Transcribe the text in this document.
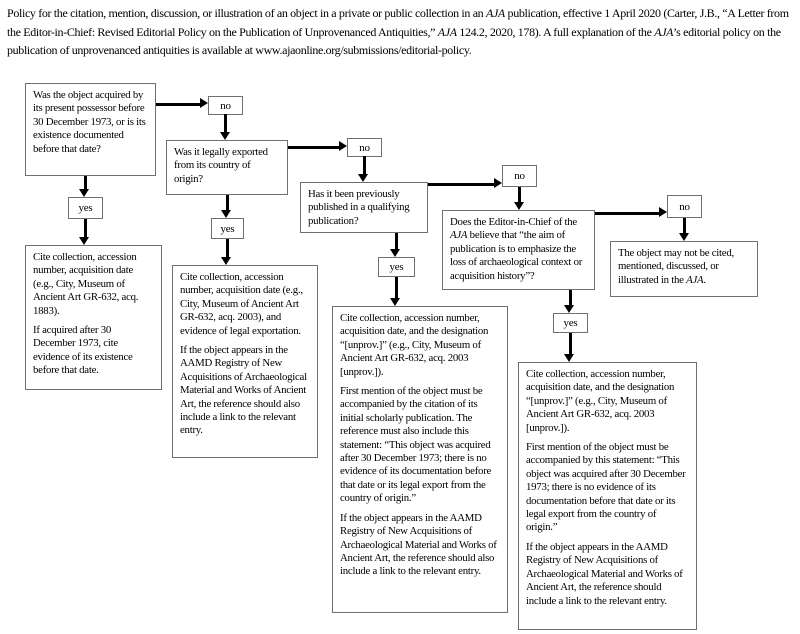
Policy for the citation, mention, discussion, or illustration of an object in a private or public collection in an AJA publication, effective 1 April 2020 (Carter, J.B., “A Letter from the Editor-in-Chief: Revised Editorial Policy on the Publication of Unprovenanced Antiquities,” AJA 124.2, 2020, 178). A full explanation of the AJA’s editorial policy on the publication of unprovenanced antiquities is available at www.ajaonline.org/submissions/editorial-policy.

Was the object acquired by its present possessor before 30 December 1973, or is its existence documented before that date?	Was it legally exported from its country of origin?

Has it been previously published in a qualifying publication?	Does the Editor-in-Chief of the AJA believe that “the aim of publication is to emphasize the loss of archaeological context or acquisition history”?

no
yes
no
yes
no
yes
no
yes

Cite collection, accession number, acquisition date (e.g., City, Museum of Ancient Art GR-632, acq. 1883).

If acquired after 30 December 1973, cite evidence of its existence before that date.

Cite collection, accession number, acquisition date (e.g., City, Museum of Ancient Art GR-632, acq. 2003), and evidence of legal exportation.

If the object appears in the AAMD Registry of New Acquisitions of Archaeological Material and Works of Ancient Art, the reference should also include a link to the relevant entry.

Cite collection, accession number, acquisition date, and the designation “[unprov.]” (e.g., City, Museum of Ancient Art GR-632, acq. 2003 [unprov.]).

First mention of the object must be accompanied by the citation of its initial scholarly publication. The reference must also include this statement: “This object was acquired after 30 December 1973; there is no evidence of its documentation before that date or its legal export from the country of origin.”

If the object appears in the AAMD Registry of New Acquisitions of Archaeological Material and Works of Ancient Art, the reference should also include a link to the relevant entry.

Cite collection, accession number, acquisition date, and the designation “[unprov.]” (e.g., City, Museum of Ancient Art GR-632, acq. 2003 [unprov.]).

First mention of the object must be accompanied by this statement: “This object was acquired after 30 December 1973; there is no evidence of its documentation before that date or its legal export from the country of origin.”

If the object appears in the AAMD Registry of New Acquisitions of Archaeological Material and Works of Ancient Art, the reference should include a link to the relevant entry.

The object may not be cited, mentioned, discussed, or illustrated in the AJA.
